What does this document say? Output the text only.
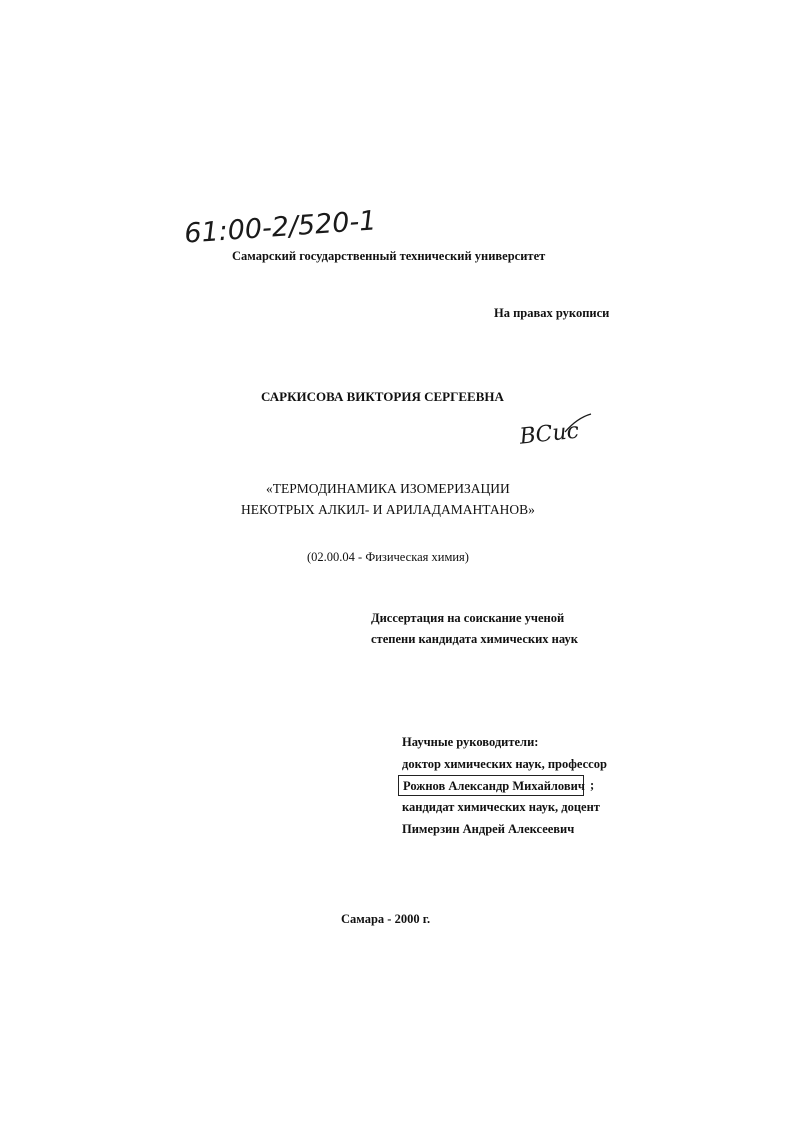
61:00-2/520-1
Самарский государственный технический университет
На правах рукописи
САРКИСОВА ВИКТОРИЯ СЕРГЕЕВНА
ВСис
«ТЕРМОДИНАМИКА ИЗОМЕРИЗАЦИИ
НЕКОТРЫХ АЛКИЛ- И АРИЛАДАМАНТАНОВ»
(02.00.04 - Физическая химия)
Диссертация на соискание ученой
степени кандидата химических наук
Научные руководители:
доктор химических наук, профессор
Рожнов Александр Михайлович ;
кандидат химических наук, доцент
Пимерзин Андрей Алексеевич
Самара - 2000 г.
